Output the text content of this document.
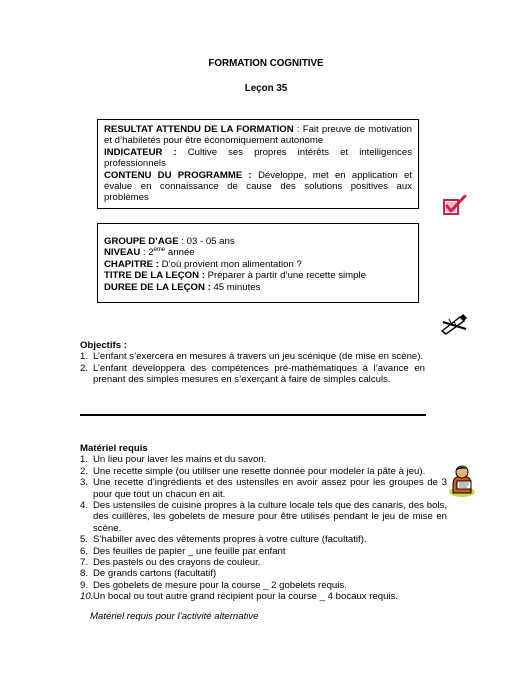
FORMATION COGNITIVE
Leçon 35
RESULTAT ATTENDU DE LA FORMATION : Fait preuve de motivation et d’habiletés pour être économiquement autonome
INDICATEUR : Cultive ses propres intérêts et intelligences professionnels
CONTENU DU PROGRAMME : Développe, met en application et évalue en connaissance de cause des solutions positives aux problèmes
GROUPE D’AGE : 03 - 05 ans
NIVEAU : 2ème année
CHAPITRE : D’où provient mon alimentation ?
TITRE DE LA LEÇON : Préparer à partir d’une recette simple
DUREE DE LA LEÇON : 45 minutes
Objectifs :
1. L’enfant s’exercera en mesures à travers un jeu scénique (de mise en scène).
2. L’enfant développera des compétences pré-mathématiques à l’avance en prenant des simples mesures en s’exerçant à faire de simples calculs.
Matériel requis
1. Un lieu pour laver les mains et du savon.
2. Une recette simple (ou utiliser une resette donnée pour modeler la pâte à jeu).
3. Une recette d’ingrédients et des ustensiles en avoir assez pour les groupes de 3 pour que tout un chacun en ait.
4. Des ustensiles de cuisine propres à la culture locale tels que des canaris, des bols, des cuillères, les gobelets de mesure pour être utilisés pendant le jeu de mise en scène.
5. S’habiller avec des vêtements propres à votre culture (facultatif).
6. Des feuilles de papier _ une feuille par enfant
7. Des pastels ou des crayons de couleur.
8. De grands cartons (facultatif)
9. Des gobelets de mesure pour la course _ 2 gobelets requis.
10. Un bocal ou tout autre grand récipient pour la course _ 4 bocaux requis.
Matériel requis pour l’activité alternative
